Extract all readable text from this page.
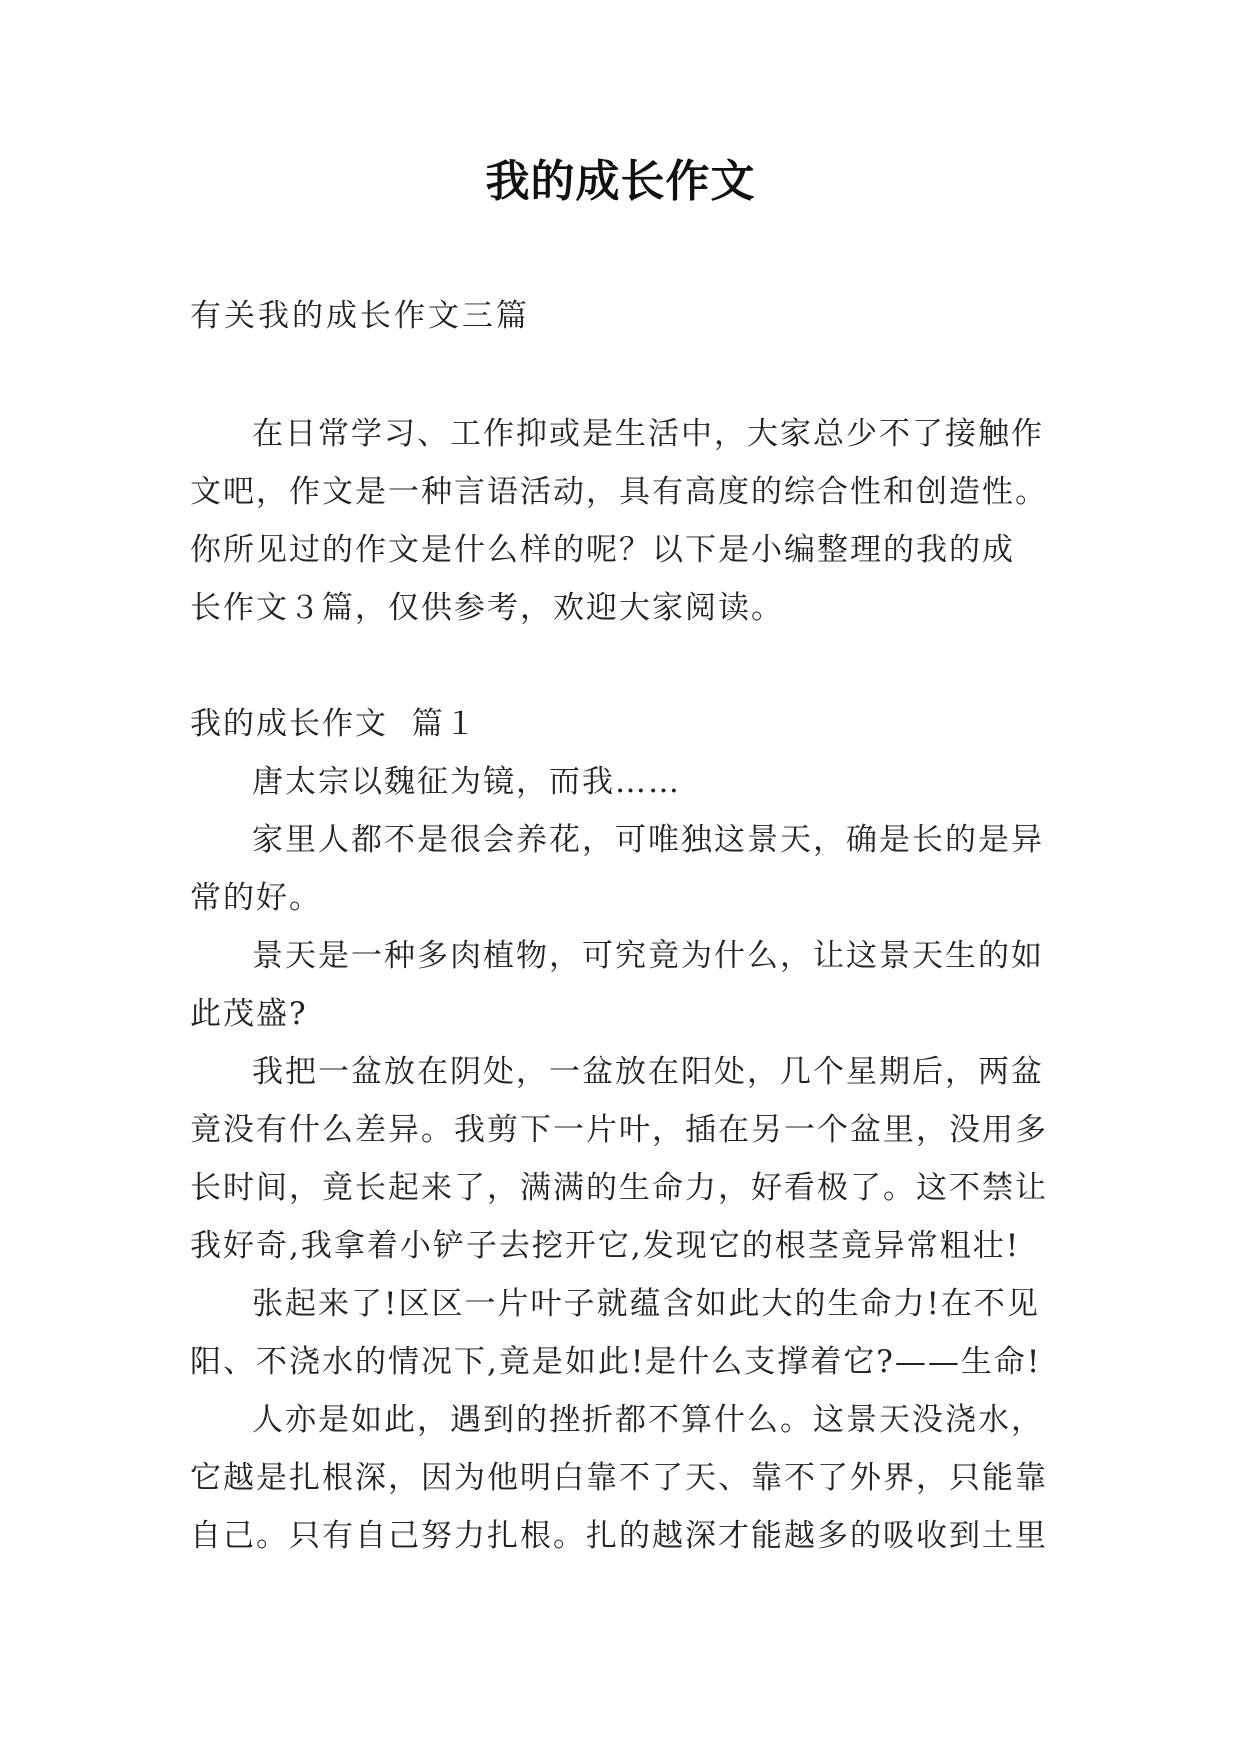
我的成长作文
有关我的成长作文三篇

在日常学习、工作抑或是生活中，大家总少不了接触作

文吧，作文是一种言语活动，具有高度的综合性和创造性。

你所见过的作文是什么样的呢？以下是小编整理的我的成

长作文３篇，仅供参考，欢迎大家阅读。

我的成长作文  篇１

唐太宗以魏征为镜，而我……

家里人都不是很会养花，可唯独这景天，确是长的是异

常的好。

景天是一种多肉植物，可究竟为什么，让这景天生的如

此茂盛?

我把一盆放在阴处，一盆放在阳处，几个星期后，两盆

竟没有什么差异。我剪下一片叶，插在另一个盆里，没用多

长时间，竟长起来了，满满的生命力，好看极了。这不禁让

我好奇,我拿着小铲子去挖开它,发现它的根茎竟异常粗壮!

张起来了!区区一片叶子就蕴含如此大的生命力!在不见

阳、不浇水的情况下,竟是如此!是什么支撑着它?——生命!

人亦是如此，遇到的挫折都不算什么。这景天没浇水，

它越是扎根深，因为他明白靠不了天、靠不了外界，只能靠

自己。只有自己努力扎根。扎的越深才能越多的吸收到土里
